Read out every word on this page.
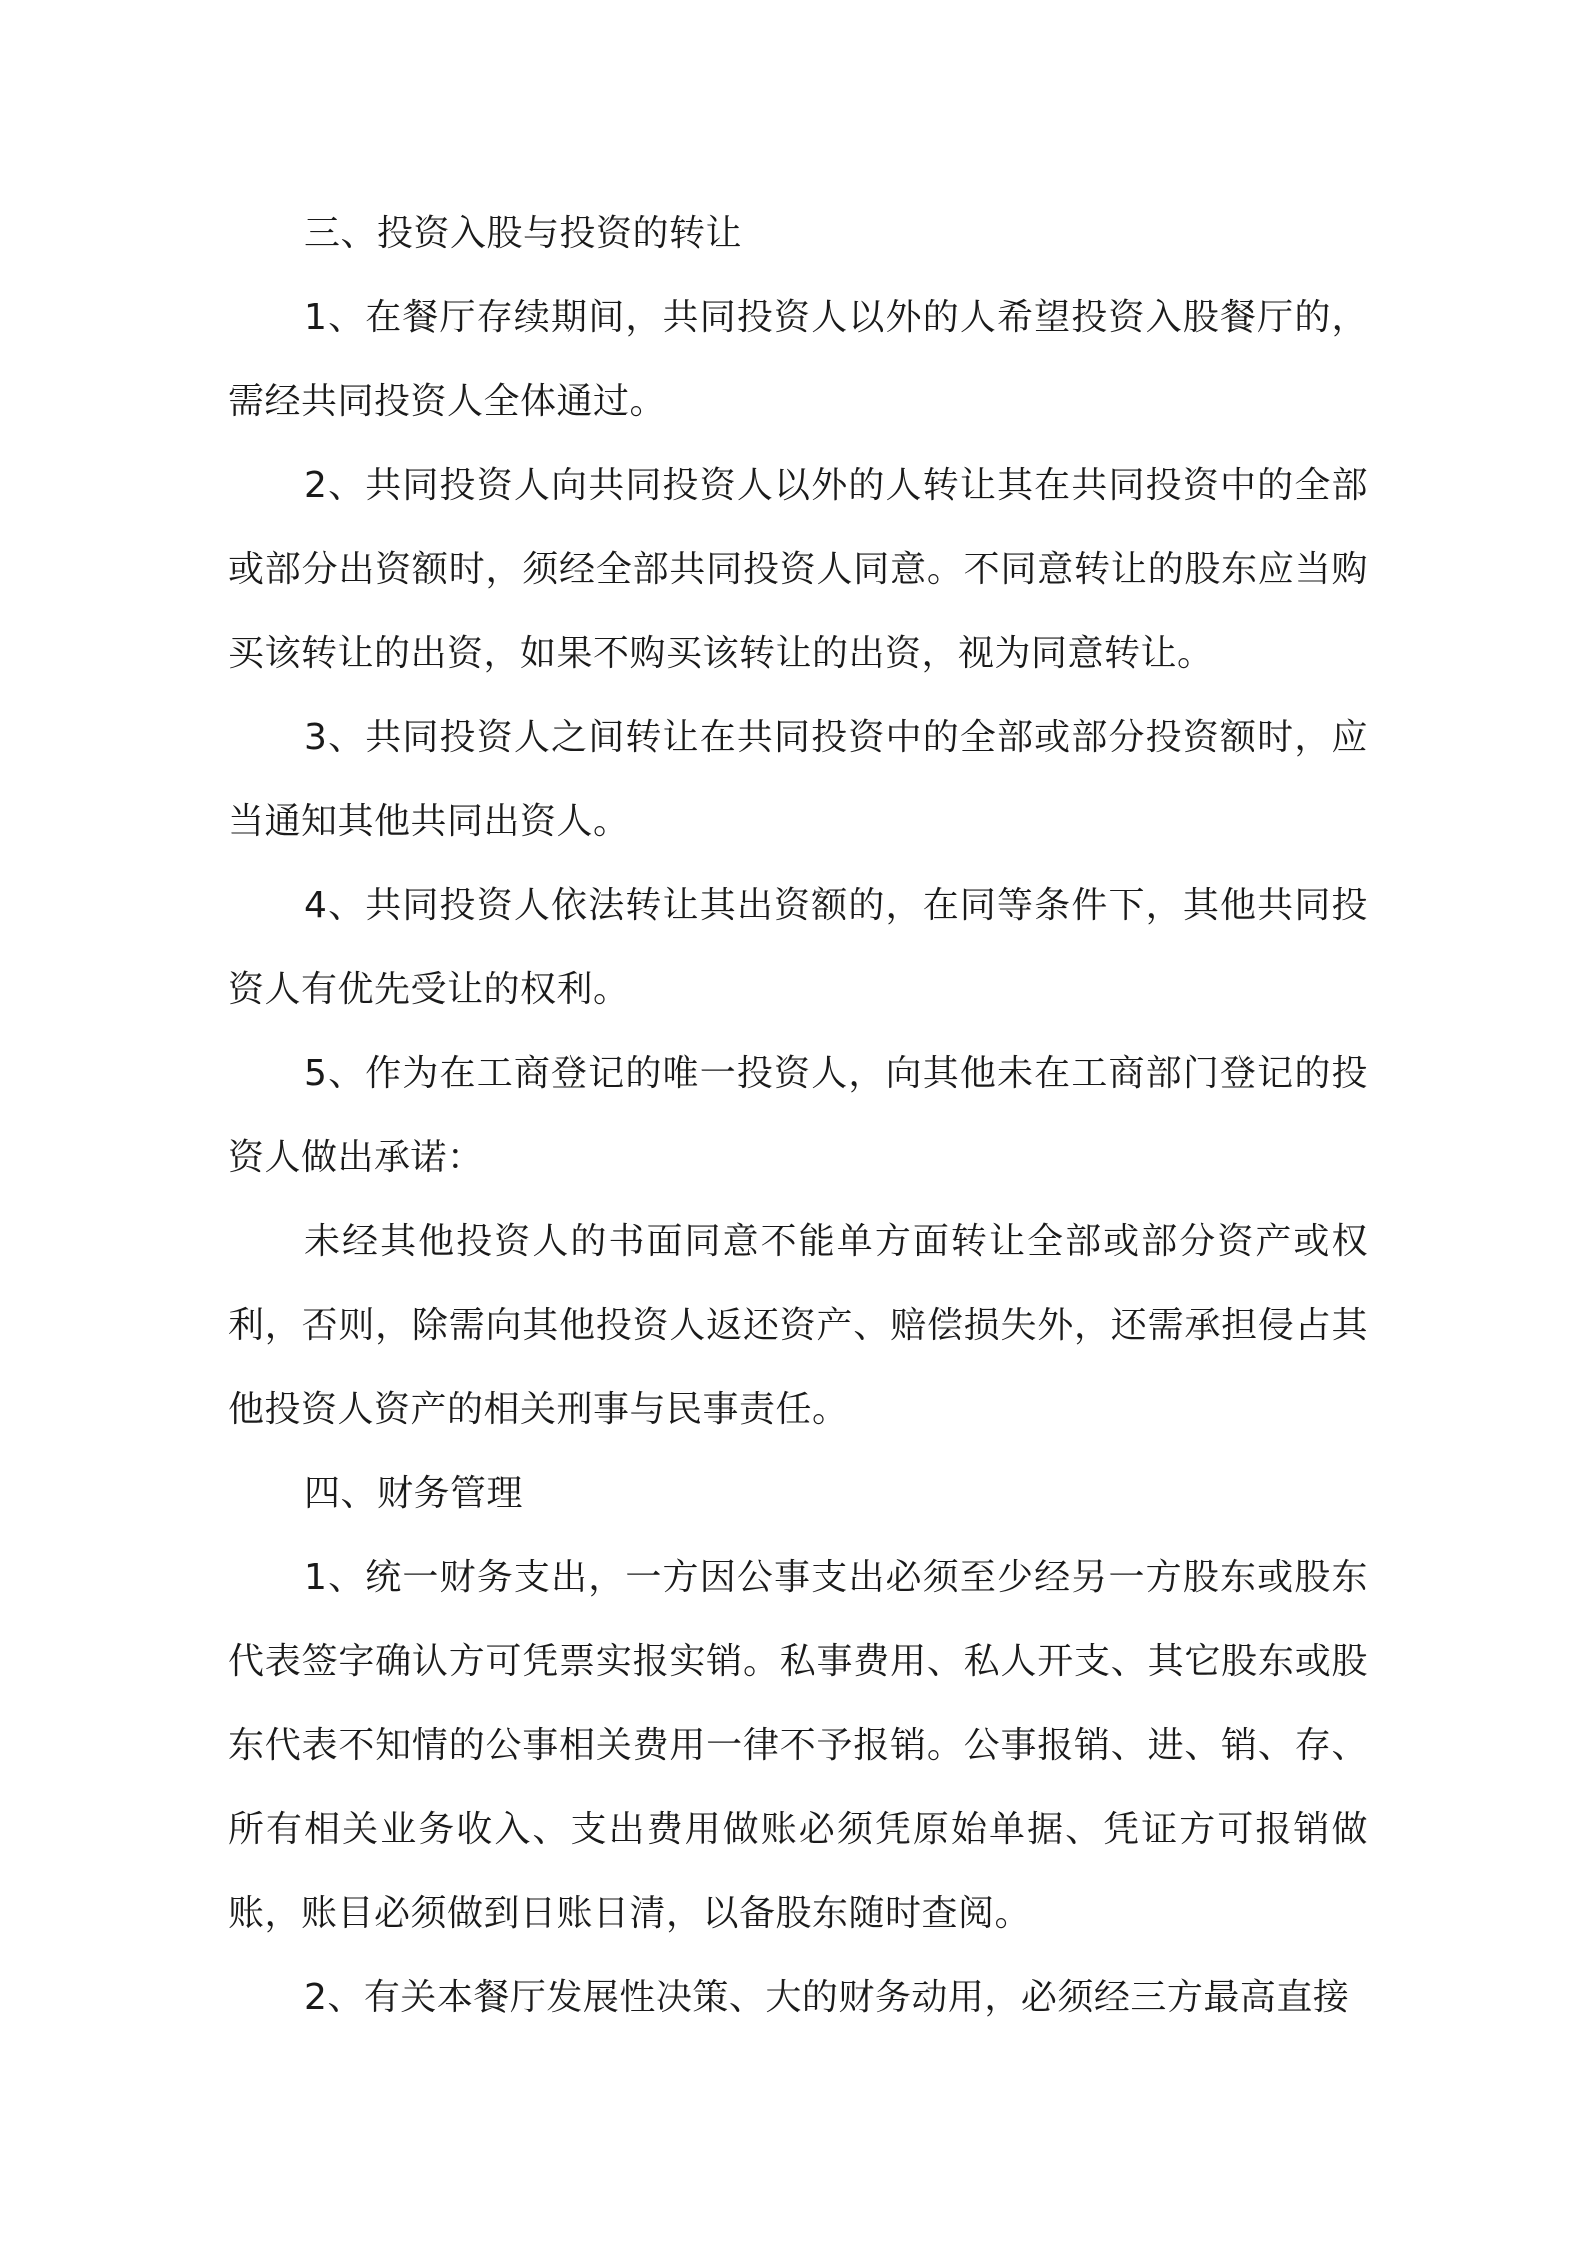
三、投资入股与投资的转让

1、在餐厅存续期间，共同投资人以外的人希望投资入股餐厅的，需经共同投资人全体通过。

2、共同投资人向共同投资人以外的人转让其在共同投资中的全部或部分出资额时，须经全部共同投资人同意。不同意转让的股东应当购买该转让的出资，如果不购买该转让的出资，视为同意转让。

3、共同投资人之间转让在共同投资中的全部或部分投资额时，应当通知其他共同出资人。

4、共同投资人依法转让其出资额的，在同等条件下，其他共同投资人有优先受让的权利。

5、作为在工商登记的唯一投资人，向其他未在工商部门登记的投资人做出承诺：

未经其他投资人的书面同意不能单方面转让全部或部分资产或权利，否则，除需向其他投资人返还资产、赔偿损失外，还需承担侵占其他投资人资产的相关刑事与民事责任。

四、财务管理

1、统一财务支出，一方因公事支出必须至少经另一方股东或股东代表签字确认方可凭票实报实销。私事费用、私人开支、其它股东或股东代表不知情的公事相关费用一律不予报销。公事报销、进、销、存、所有相关业务收入、支出费用做账必须凭原始单据、凭证方可报销做账，账目必须做到日账日清，以备股东随时查阅。

2、有关本餐厅发展性决策、大的财务动用，必须经三方最高直接
